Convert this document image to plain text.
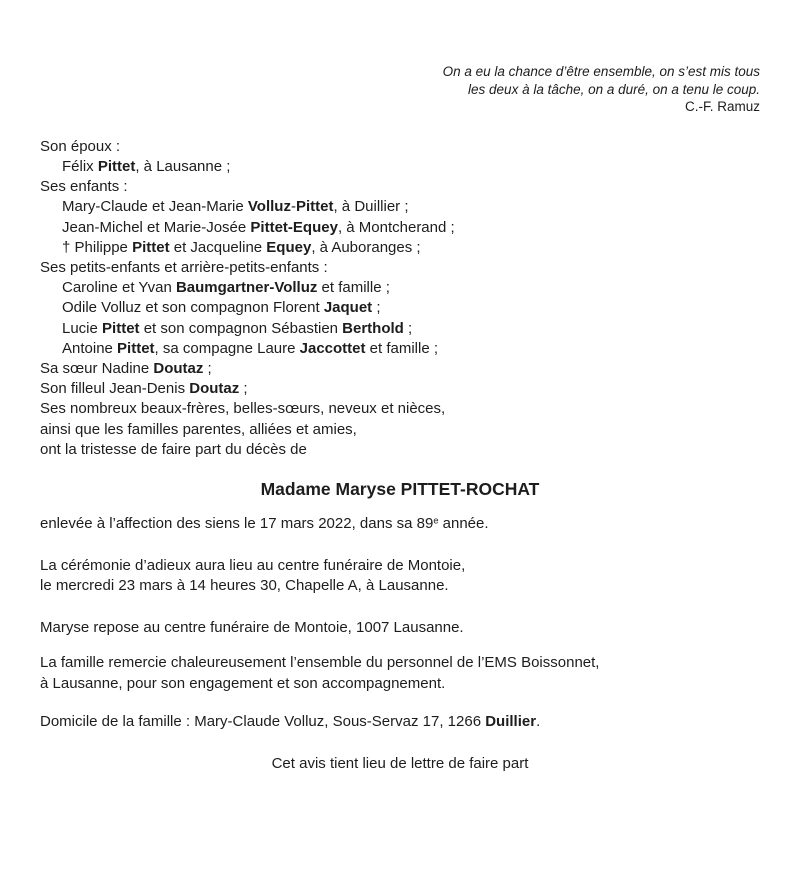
On a eu la chance d’être ensemble, on s’est mis tous
les deux à la tâche, on a duré, on a tenu le coup.
C.-F. Ramuz
Son époux :
Félix Pittet, à Lausanne ;
Ses enfants :
Mary-Claude et Jean-Marie Volluz-Pittet, à Duillier ;
Jean-Michel et Marie-Josée Pittet-Equey, à Montcherand ;
† Philippe Pittet et Jacqueline Equey, à Auboranges ;
Ses petits-enfants et arrière-petits-enfants :
Caroline et Yvan Baumgartner-Volluz et famille ;
Odile Volluz et son compagnon Florent Jaquet ;
Lucie Pittet et son compagnon Sébastien Berthold ;
Antoine Pittet, sa compagne Laure Jaccottet et famille ;
Sa sœur Nadine Doutaz ;
Son filleul Jean-Denis Doutaz ;
Ses nombreux beaux-frères, belles-sœurs, neveux et nièces,
ainsi que les familles parentes, alliées et amies,
ont la tristesse de faire part du décès de
Madame Maryse PITTET-ROCHAT
enlevée à l’affection des siens le 17 mars 2022, dans sa 89e année.
La cérémonie d’adieux aura lieu au centre funéraire de Montoie,
le mercredi 23 mars à 14 heures 30, Chapelle A, à Lausanne.
Maryse repose au centre funéraire de Montoie, 1007 Lausanne.
La famille remercie chaleureusement l’ensemble du personnel de l’EMS Boissonnet,
à Lausanne, pour son engagement et son accompagnement.
Domicile de la famille : Mary-Claude Volluz, Sous-Servaz 17, 1266 Duillier.
Cet avis tient lieu de lettre de faire part
